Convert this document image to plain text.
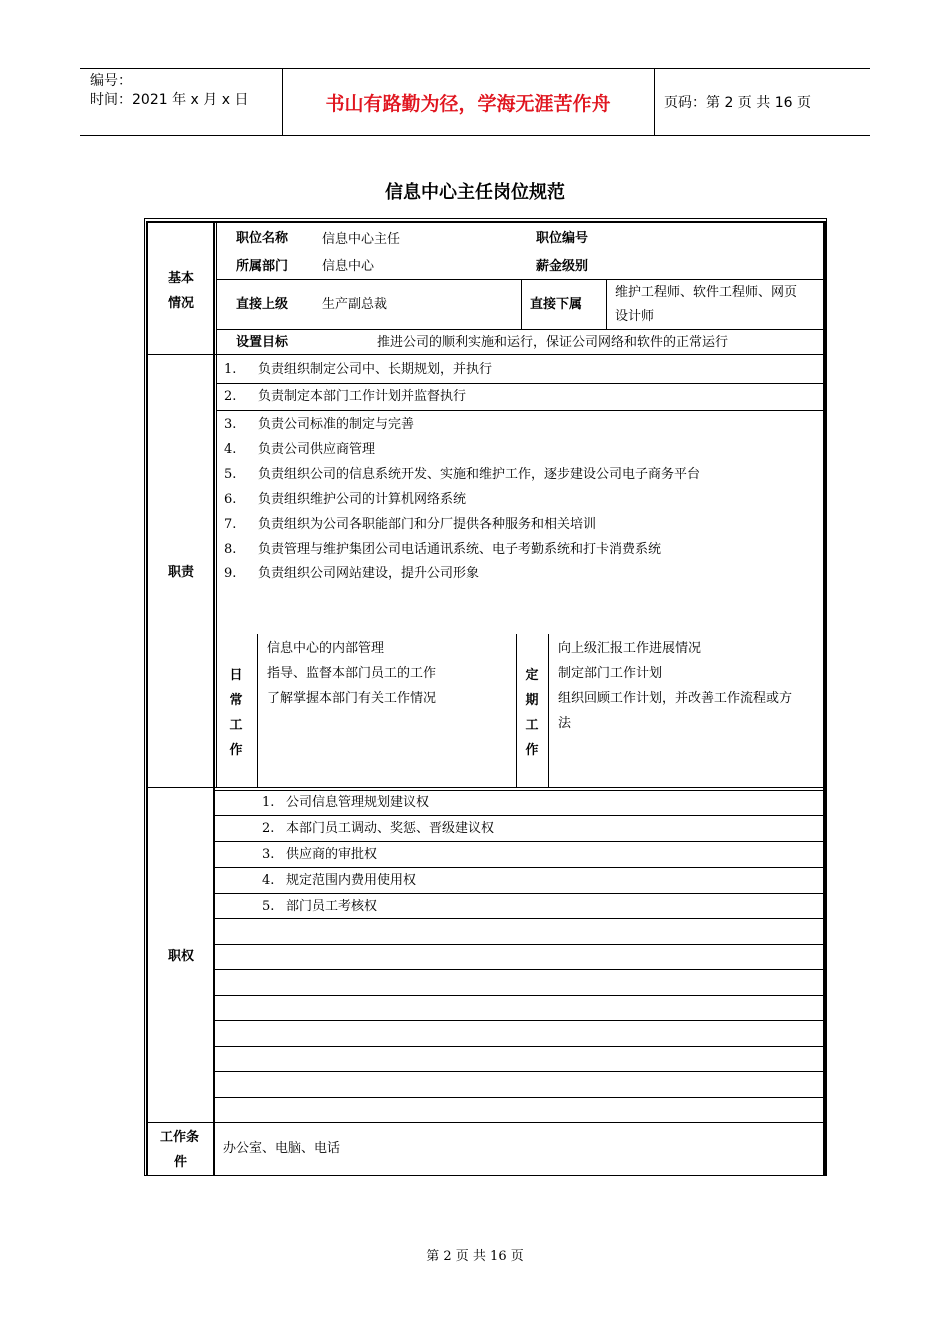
编号：
时间：2021 年 x 月 x 日	书山有路勤为径，学海无涯苦作舟	页码：第 2 页 共 16 页
信息中心主任岗位规范
基本
情况
职位名称	信息中心主任	职位编号
所属部门	信息中心	薪金级别
直接上级	生产副总裁	直接下属
维护工程师、软件工程师、网页
设计师
设置目标	推进公司的顺利实施和运行，保证公司网络和软件的正常运行
职责
1. 负责组织制定公司中、长期规划，并执行
2. 负责制定本部门工作计划并监督执行
3. 负责公司标准的制定与完善
4. 负责公司供应商管理
5. 负责组织公司的信息系统开发、实施和维护工作，逐步建设公司电子商务平台
6. 负责组织维护公司的计算机网络系统
7. 负责组织为公司各职能部门和分厂提供各种服务和相关培训
8. 负责管理与维护集团公司电话通讯系统、电子考勤系统和打卡消费系统
9. 负责组织公司网站建设，提升公司形象
日
常
工
作
信息中心的内部管理
指导、监督本部门员工的工作
了解掌握本部门有关工作情况
定
期
工
作
向上级汇报工作进展情况
制定部门工作计划
组织回顾工作计划，并改善工作流程或方
法
职权
1. 公司信息管理规划建议权
2. 本部门员工调动、奖惩、晋级建议权
3. 供应商的审批权
4. 规定范围内费用使用权
5. 部门员工考核权
工作条
件
办公室、电脑、电话
第 2 页 共 16 页
